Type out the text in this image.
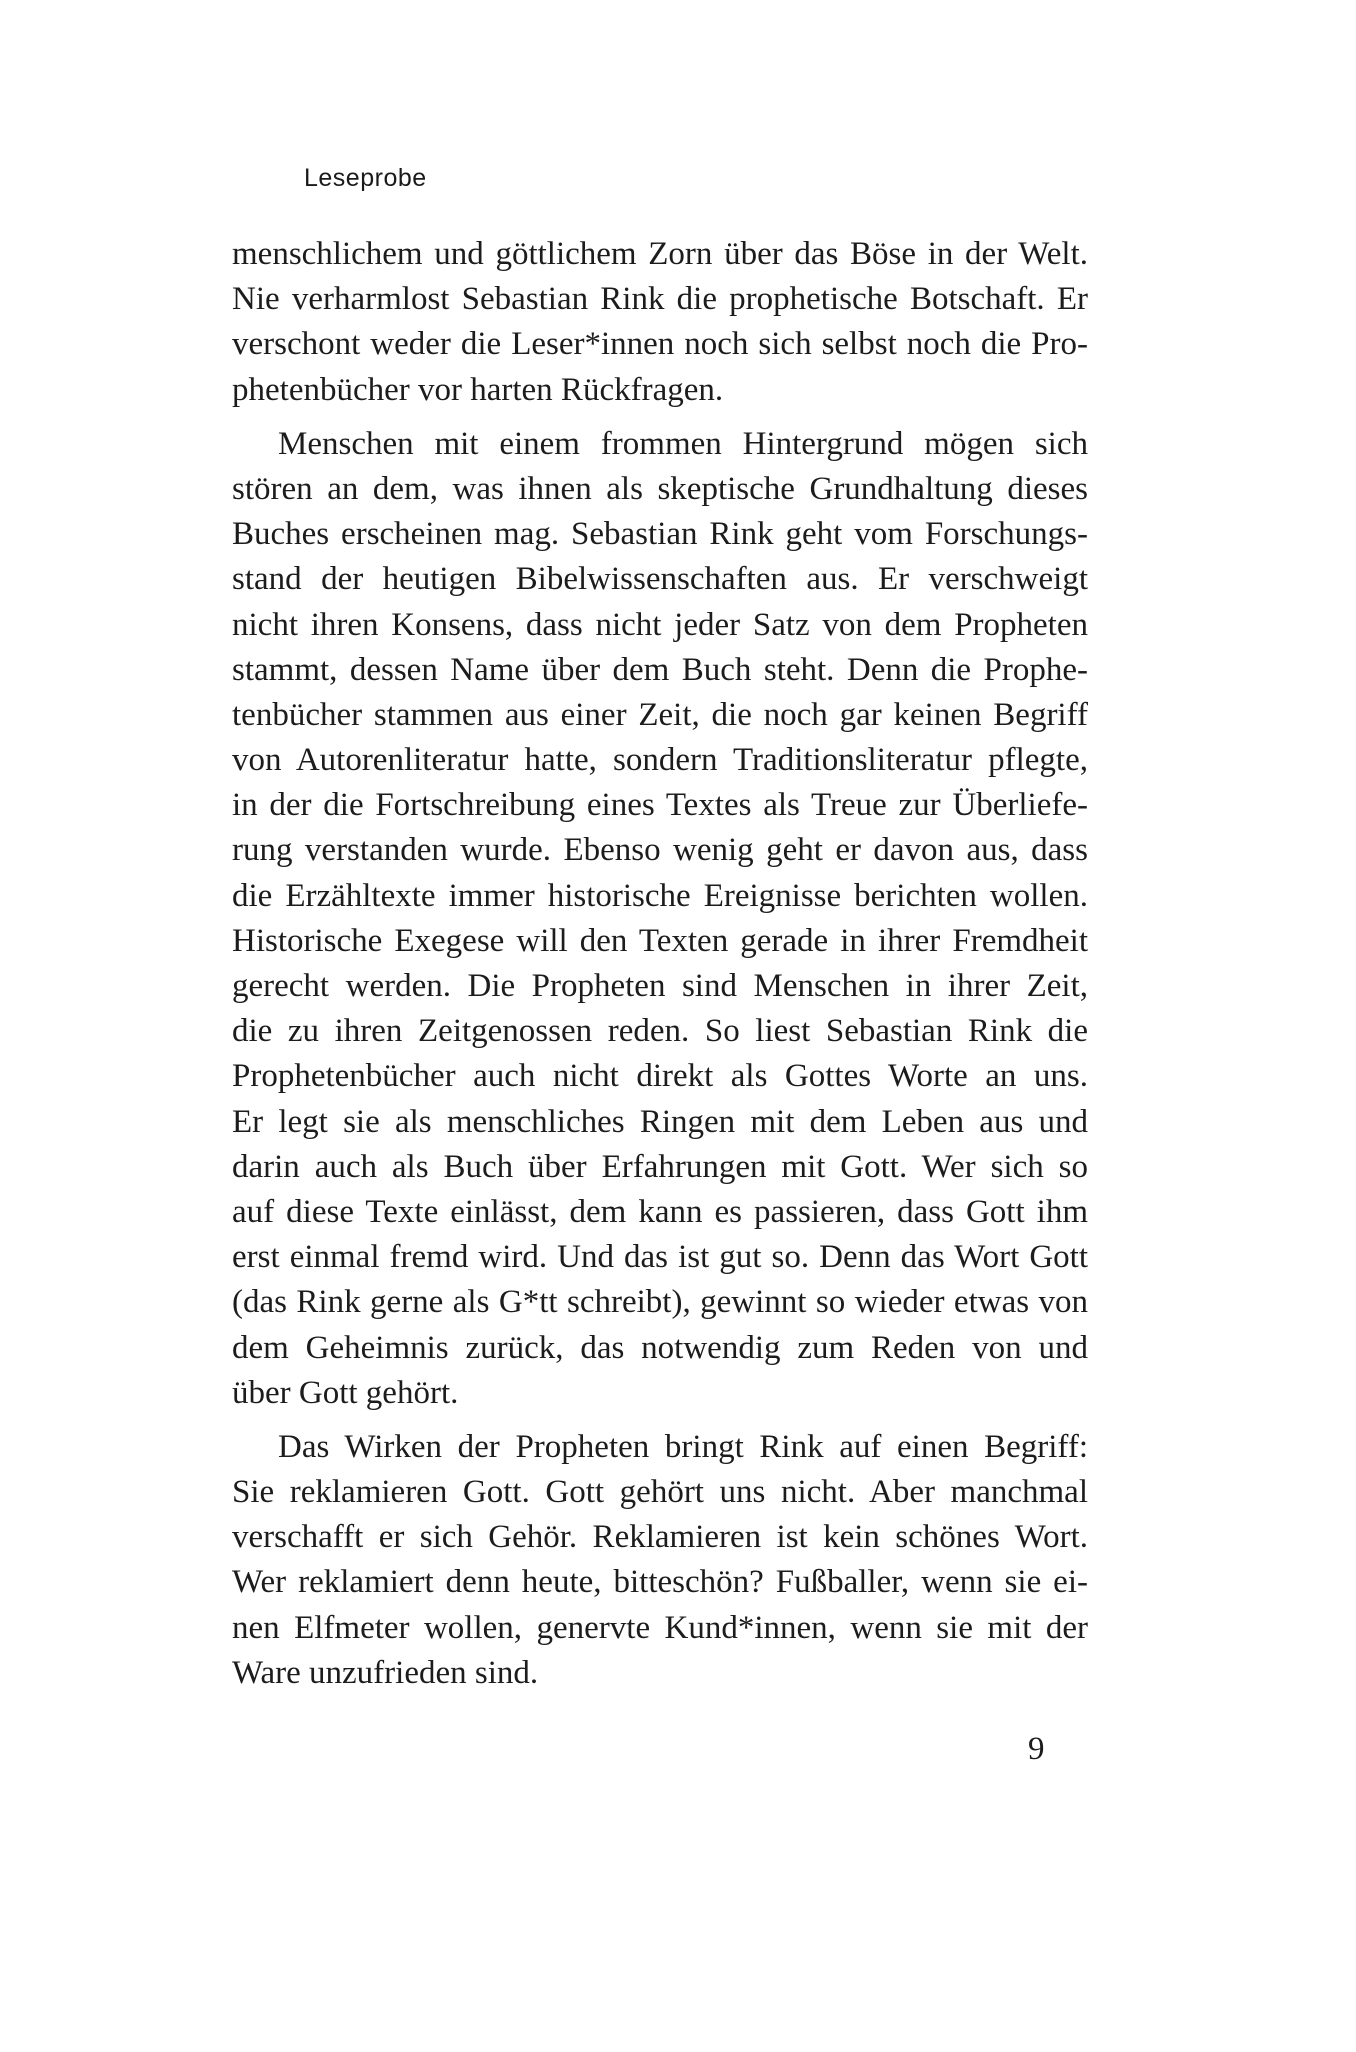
Leseprobe
menschlichem und göttlichem Zorn über das Böse in der Welt.
Nie verharmlost Sebastian Rink die prophetische Botschaft. Er
verschont weder die Leser*innen noch sich selbst noch die Pro-
phetenbücher vor harten Rückfragen.
Menschen mit einem frommen Hintergrund mögen sich
stören an dem, was ihnen als skeptische Grundhaltung dieses
Buches erscheinen mag. Sebastian Rink geht vom Forschungs-
stand der heutigen Bibelwissenschaften aus. Er verschweigt
nicht ihren Konsens, dass nicht jeder Satz von dem Propheten
stammt, dessen Name über dem Buch steht. Denn die Prophe-
tenbücher stammen aus einer Zeit, die noch gar keinen Begriff
von Autorenliteratur hatte, sondern Traditionsliteratur pflegte,
in der die Fortschreibung eines Textes als Treue zur Überliefe-
rung verstanden wurde. Ebenso wenig geht er davon aus, dass
die Erzähltexte immer historische Ereignisse berichten wollen.
Historische Exegese will den Texten gerade in ihrer Fremdheit
gerecht werden. Die Propheten sind Menschen in ihrer Zeit,
die zu ihren Zeitgenossen reden. So liest Sebastian Rink die
Prophetenbücher auch nicht direkt als Gottes Worte an uns.
Er legt sie als menschliches Ringen mit dem Leben aus und
darin auch als Buch über Erfahrungen mit Gott. Wer sich so
auf diese Texte einlässt, dem kann es passieren, dass Gott ihm
erst einmal fremd wird. Und das ist gut so. Denn das Wort Gott
(das Rink gerne als G*tt schreibt), gewinnt so wieder etwas von
dem Geheimnis zurück, das notwendig zum Reden von und
über Gott gehört.
Das Wirken der Propheten bringt Rink auf einen Begriff:
Sie reklamieren Gott. Gott gehört uns nicht. Aber manchmal
verschafft er sich Gehör. Reklamieren ist kein schönes Wort.
Wer reklamiert denn heute, bitteschön? Fußballer, wenn sie ei-
nen Elfmeter wollen, genervte Kund*innen, wenn sie mit der
Ware unzufrieden sind.
9
